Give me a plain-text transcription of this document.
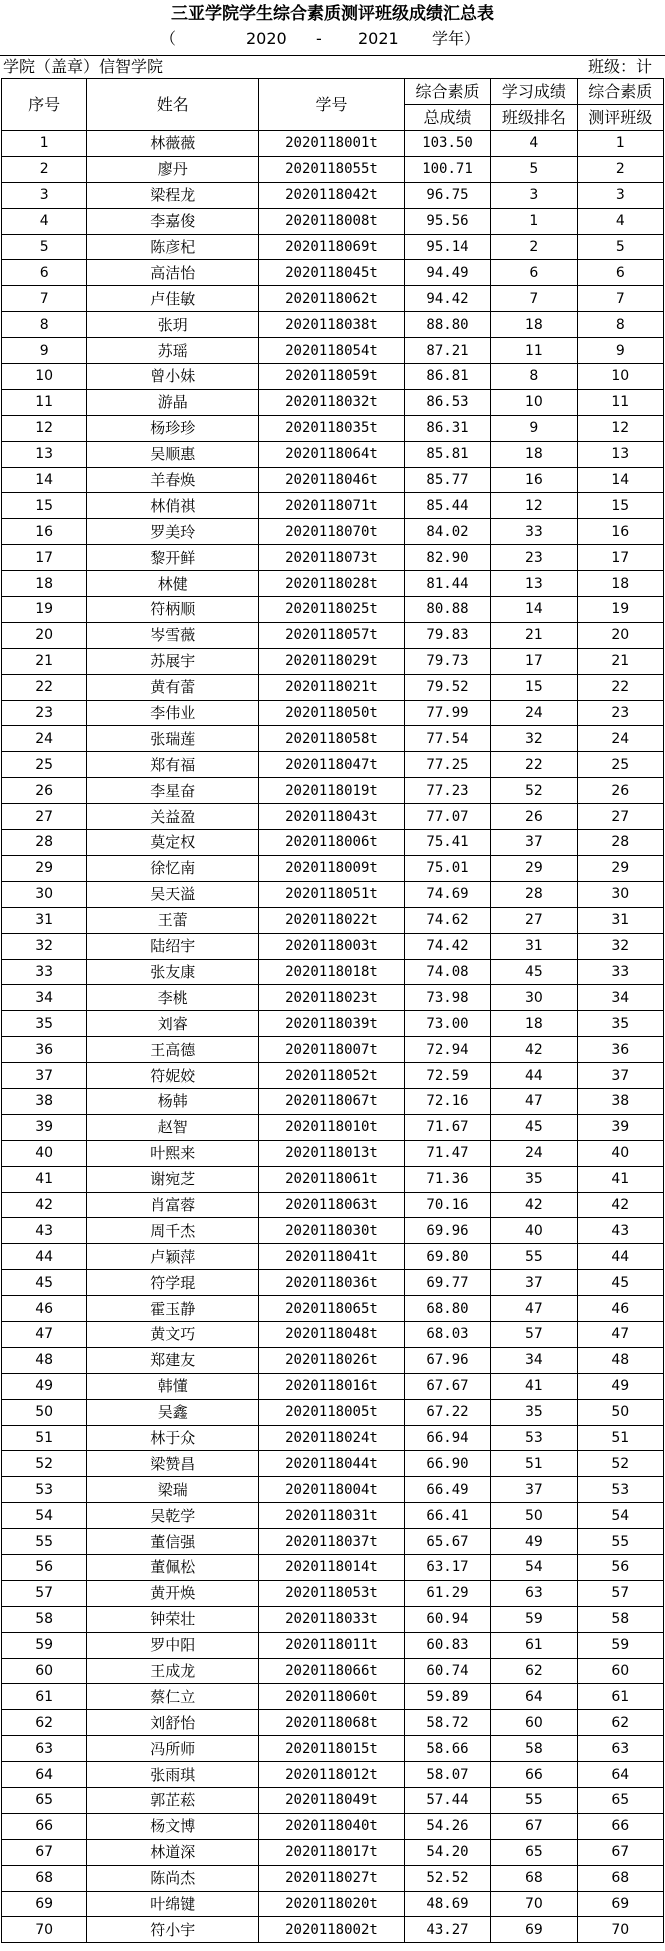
三亚学院学生综合素质测评班级成绩汇总表
（	2020 - 2021 学年）
学院（盖章）信智学院	班级：计
序号	姓名	学号	综合素质	学习成绩	综合素质
			总成绩	班级排名	测评班级
1	林薇薇	2020118001t	103.50	4	1
2	廖丹	2020118055t	100.71	5	2
3	梁程龙	2020118042t	96.75	3	3
4	李嘉俊	2020118008t	95.56	1	4
5	陈彦杞	2020118069t	95.14	2	5
6	高洁怡	2020118045t	94.49	6	6
7	卢佳敏	2020118062t	94.42	7	7
8	张玥	2020118038t	88.80	18	8
9	苏瑶	2020118054t	87.21	11	9
10	曾小妹	2020118059t	86.81	8	10
11	游晶	2020118032t	86.53	10	11
12	杨珍珍	2020118035t	86.31	9	12
13	吴顺惠	2020118064t	85.81	18	13
14	羊春焕	2020118046t	85.77	16	14
15	林俏祺	2020118071t	85.44	12	15
16	罗美玲	2020118070t	84.02	33	16
17	黎开鲜	2020118073t	82.90	23	17
18	林健	2020118028t	81.44	13	18
19	符柄顺	2020118025t	80.88	14	19
20	岑雪薇	2020118057t	79.83	21	20
21	苏展宇	2020118029t	79.73	17	21
22	黄有蕾	2020118021t	79.52	15	22
23	李伟业	2020118050t	77.99	24	23
24	张瑞莲	2020118058t	77.54	32	24
25	郑有福	2020118047t	77.25	22	25
26	李星奋	2020118019t	77.23	52	26
27	关益盈	2020118043t	77.07	26	27
28	莫定权	2020118006t	75.41	37	28
29	徐忆南	2020118009t	75.01	29	29
30	吴天溢	2020118051t	74.69	28	30
31	王蕾	2020118022t	74.62	27	31
32	陆绍宇	2020118003t	74.42	31	32
33	张友康	2020118018t	74.08	45	33
34	李桃	2020118023t	73.98	30	34
35	刘睿	2020118039t	73.00	18	35
36	王高德	2020118007t	72.94	42	36
37	符妮姣	2020118052t	72.59	44	37
38	杨韩	2020118067t	72.16	47	38
39	赵智	2020118010t	71.67	45	39
40	叶熙来	2020118013t	71.47	24	40
41	谢宛芝	2020118061t	71.36	35	41
42	肖富蓉	2020118063t	70.16	42	42
43	周千杰	2020118030t	69.96	40	43
44	卢颖萍	2020118041t	69.80	55	44
45	符学琨	2020118036t	69.77	37	45
46	霍玉静	2020118065t	68.80	47	46
47	黄文巧	2020118048t	68.03	57	47
48	郑建友	2020118026t	67.96	34	48
49	韩懂	2020118016t	67.67	41	49
50	吴鑫	2020118005t	67.22	35	50
51	林于众	2020118024t	66.94	53	51
52	梁赞昌	2020118044t	66.90	51	52
53	梁瑞	2020118004t	66.49	37	53
54	吴乾学	2020118031t	66.41	50	54
55	董信强	2020118037t	65.67	49	55
56	董佩松	2020118014t	63.17	54	56
57	黄开焕	2020118053t	61.29	63	57
58	钟荣壮	2020118033t	60.94	59	58
59	罗中阳	2020118011t	60.83	61	59
60	王成龙	2020118066t	60.74	62	60
61	蔡仁立	2020118060t	59.89	64	61
62	刘舒怡	2020118068t	58.72	60	62
63	冯所师	2020118015t	58.66	58	63
64	张雨琪	2020118012t	58.07	66	64
65	郭芷菘	2020118049t	57.44	55	65
66	杨文博	2020118040t	54.26	67	66
67	林道深	2020118017t	54.20	65	67
68	陈尚杰	2020118027t	52.52	68	68
69	叶绵键	2020118020t	48.69	70	69
70	符小宇	2020118002t	43.27	69	70
